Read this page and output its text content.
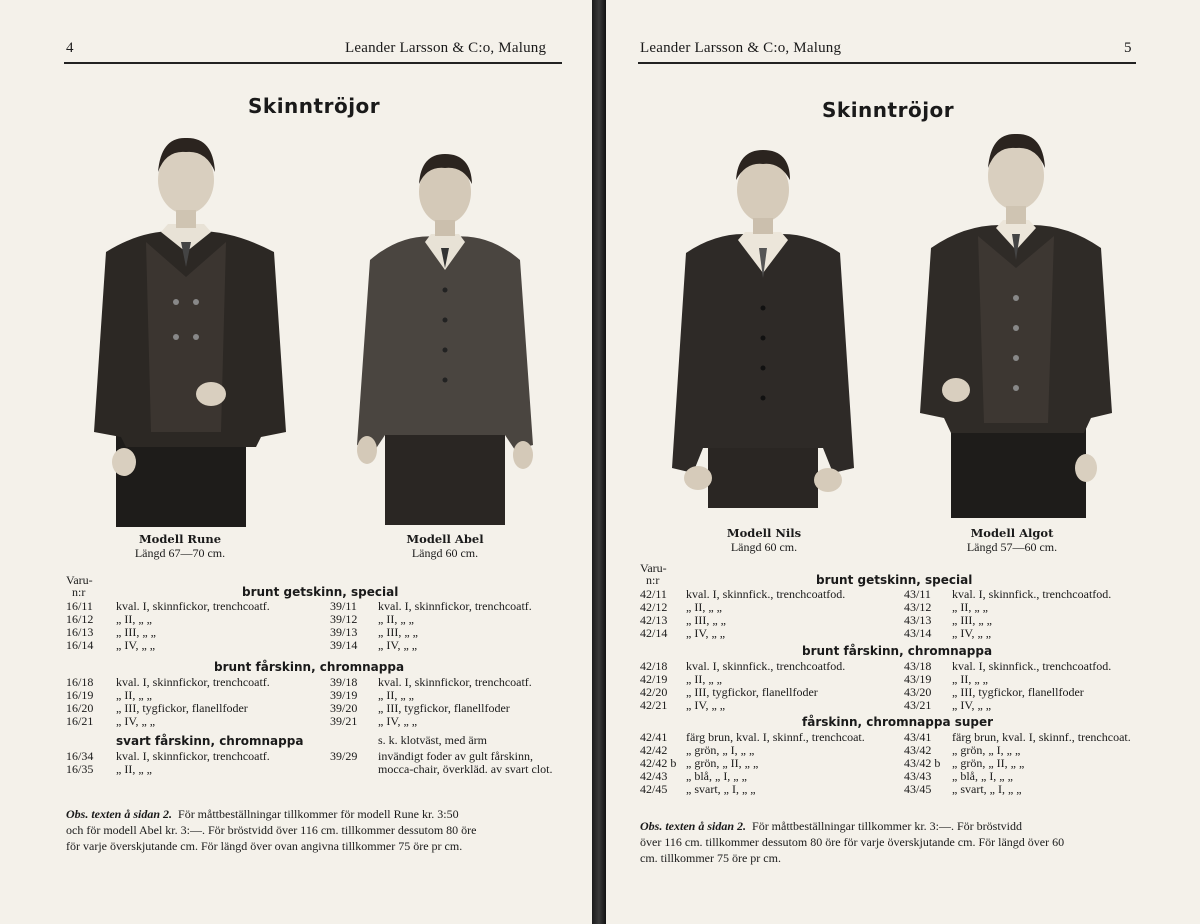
4	Leander Larsson & C:o, Malung
Skinntröjor
Modell Rune
Längd 67—70 cm.
Modell Abel
Längd 60 cm.
Varu-
n:r	brunt getskinn, special
16/11 kval. I, skinnfickor, trenchcoatf.	39/11 kval. I, skinnfickor, trenchcoatf.
16/12 „ II, „ „	39/12 „ II, „ „
16/13 „ III, „ „	39/13 „ III, „ „
16/14 „ IV, „ „	39/14 „ IV, „ „
brunt fårskinn, chromnappa
16/18 kval. I, skinnfickor, trenchcoatf.	39/18 kval. I, skinnfickor, trenchcoatf.
16/19 „ II, „ „	39/19 „ II, „ „
16/20 „ III, tygfickor, flanellfoder	39/20 „ III, tygfickor, flanellfoder
16/21 „ IV, „ „	39/21 „ IV, „ „
svart fårskinn, chromnappa	s. k. klotväst, med ärm
16/34 kval. I, skinnfickor, trenchcoatf.	39/29 invändigt foder av gult fårskinn,
16/35 „ II, „ „	mocca-chair, överkläd. av svart clot.
Obs. texten å sidan 2. För måttbeställningar tillkommer för modell Rune kr. 3:50
och för modell Abel kr. 3:—. För bröstvidd över 116 cm. tillkommer dessutom 80 öre
för varje överskjutande cm. För längd över ovan angivna tillkommer 75 öre pr cm.
Leander Larsson & C:o, Malung	5
Skinntröjor
Modell Nils
Längd 60 cm.
Modell Algot
Längd 57—60 cm.
Varu-
n:r	brunt getskinn, special
42/11 kval. I, skinnfick., trenchcoatfod.	43/11 kval. I, skinnfick., trenchcoatfod.
42/12 „ II, „ „	43/12 „ II, „ „
42/13 „ III, „ „	43/13 „ III, „ „
42/14 „ IV, „ „	43/14 „ IV, „ „
brunt fårskinn, chromnappa
42/18 kval. I, skinnfick., trenchcoatfod.	43/18 kval. I, skinnfick., trenchcoatfod.
42/19 „ II, „ „	43/19 „ II, „ „
42/20 „ III, tygfickor, flanellfoder	43/20 „ III, tygfickor, flanellfoder
42/21 „ IV, „ „	43/21 „ IV, „ „
fårskinn, chromnappa super
42/41 färg brun, kval. I, skinnf., trenchcoat.	43/41 färg brun, kval. I, skinnf., trenchcoat.
42/42 „ grön, „ I, „ „	43/42 „ grön, „ I, „ „
42/42 b „ grön, „ II, „ „	43/42 b „ grön, „ II, „ „
42/43 „ blå, „ I, „ „	43/43 „ blå, „ I, „ „
42/45 „ svart, „ I, „ „	43/45 „ svart, „ I, „ „
Obs. texten å sidan 2. För måttbeställningar tillkommer kr. 3:—. För bröstvidd
över 116 cm. tillkommer dessutom 80 öre för varje överskjutande cm. För längd över 60
cm. tillkommer 75 öre pr cm.
